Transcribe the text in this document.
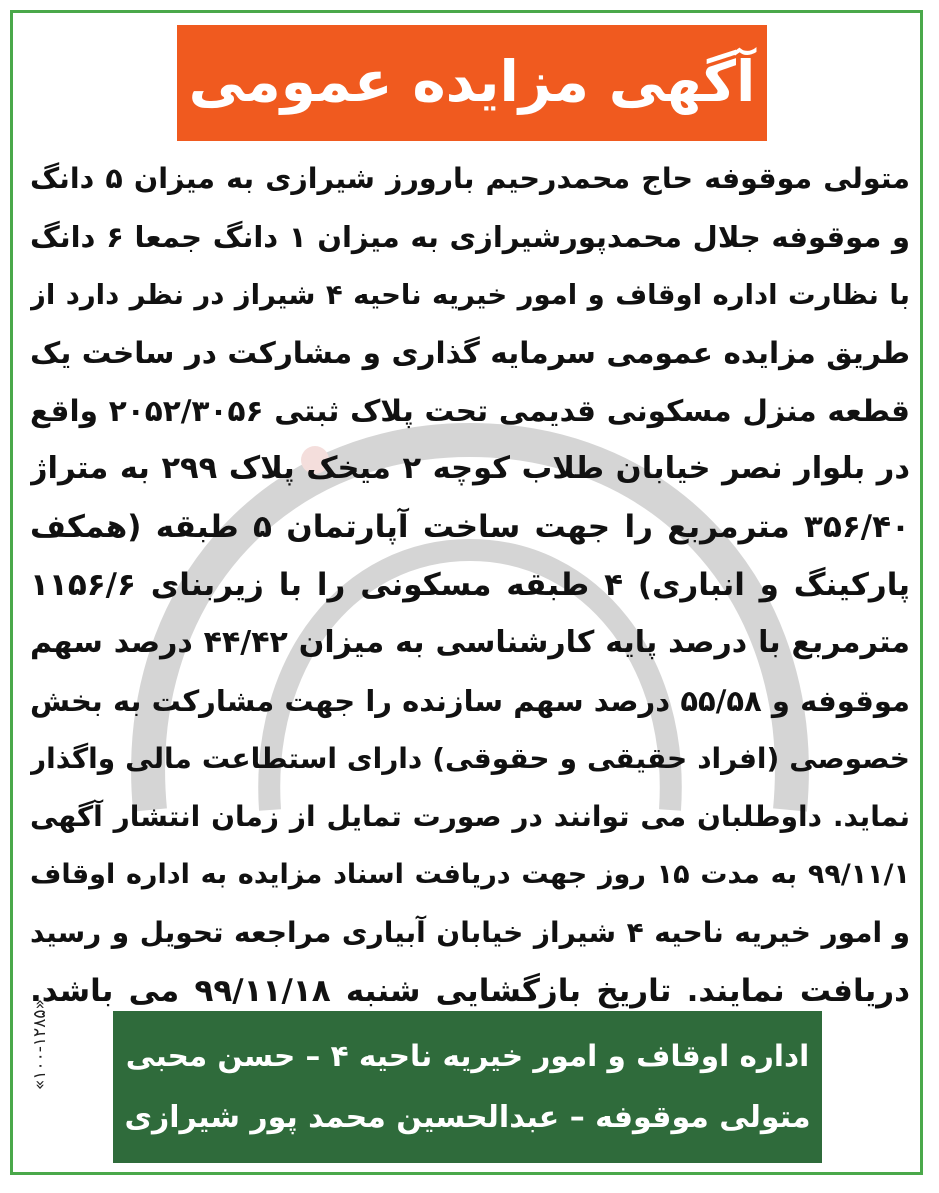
آگهی مزایده عمومی
متولی موقوفه حاج محمدرحیم بارورز شیرازی به میزان ۵ دانگ
و موقوفه جلال محمدپورشیرازی به میزان ۱ دانگ جمعا ۶ دانگ
با نظارت اداره اوقاف و امور خیریه ناحیه ۴ شیراز در نظر دارد از
طریق مزایده عمومی سرمایه گذاری و مشارکت در ساخت یک
قطعه منزل مسکونی قدیمی تحت پلاک ثبتی ۲۰۵۲/۳۰۵۶ واقع
در بلوار نصر خیابان طلاب کوچه ۲ میخک پلاک ۲۹۹ به متراژ
۳۵۶/۴۰ مترمربع را جهت ساخت آپارتمان ۵ طبقه (همکف
پارکینگ و انباری) ۴ طبقه مسکونی را با زیربنای ۱۱۵۶/۶
مترمربع با درصد پایه کارشناسی به میزان ۴۴/۴۲ درصد سهم
موقوفه و ۵۵/۵۸ درصد سهم سازنده را جهت مشارکت به بخش
خصوصی (افراد حقیقی و حقوقی) دارای استطاعت مالی واگذار
نماید. داوطلبان می توانند در صورت تمایل از زمان انتشار آگهی
۹۹/۱۱/۱ به مدت ۱۵ روز جهت دریافت اسناد مزایده به اداره اوقاف
و امور خیریه ناحیه ۴ شیراز خیابان آبیاری مراجعه تحویل و رسید
دریافت نمایند. تاریخ بازگشایی شنبه ۹۹/۱۱/۱۸ می باشد.
اداره اوقاف و امور خیریه ناحیه ۴ – حسن محبی
متولی موقوفه – عبدالحسین محمد پور شیرازی
«۱۰۰-۱۲۸۵»
